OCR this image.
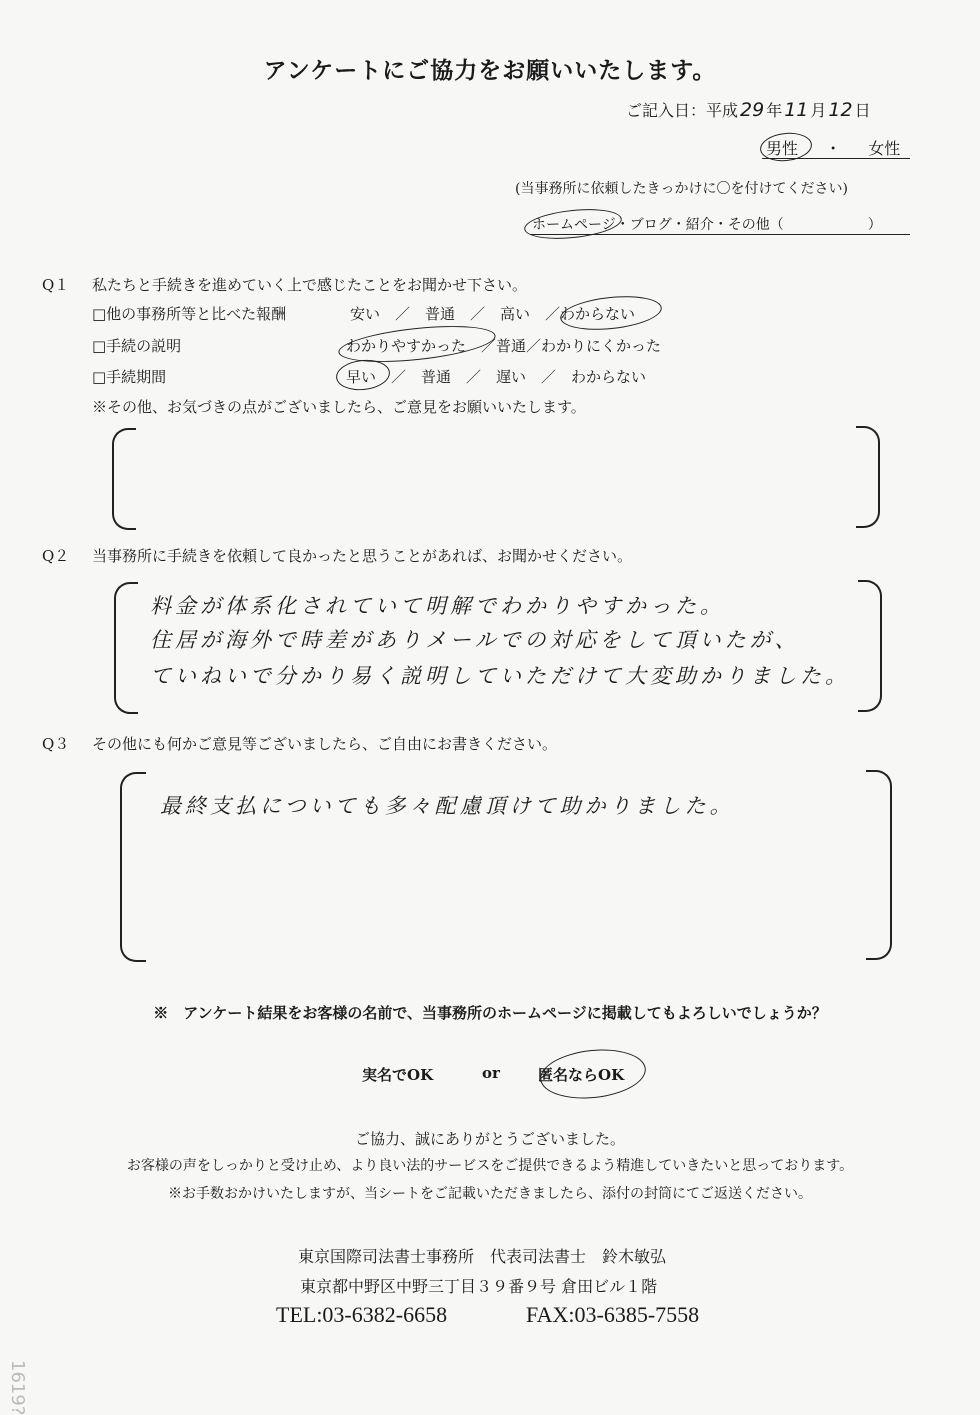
アンケートにご協力をお願いいたします。
ご記入日：平成 29 年 11 月 12 日
男性 ・ 女性
(当事務所に依頼したきっかけに〇を付けてください)
ホームページ・ブログ・紹介・その他（　　　　　　）
Q１ 私たちと手続きを進めていく上で感じたことをお聞かせ下さい。
□他の事務所等と比べた報酬	安い　／　普通　／　高い　／わからない
□手続の説明	わかりやすかった　／普通／わかりにくかった
□手続期間	早い　／　普通　／　遅い　／　わからない
※その他、お気づきの点がございましたら、ご意見をお願いいたします。
Q２ 当事務所に手続きを依頼して良かったと思うことがあれば、お聞かせください。
料金が体系化されていて明解でわかりやすかった。
住居が海外で時差がありメールでの対応をして頂いたが、
ていねいで分かり易く説明していただけて大変助かりました。
Q３ その他にも何かご意見等ございましたら、ご自由にお書きください。
最終支払についても多々配慮頂けて助かりました。
※　アンケート結果をお客様の名前で、当事務所のホームページに掲載してもよろしいでしょうか？
実名でOK	or	匿名ならOK
ご協力、誠にありがとうございました。
お客様の声をしっかりと受け止め、より良い法的サービスをご提供できるよう精進していきたいと思っております。
※お手数おかけいたしますが、当シートをご記載いただきましたら、添付の封筒にてご返送ください。
東京国際司法書士事務所　代表司法書士　鈴木敏弘
東京都中野区中野三丁目３９番９号 倉田ビル１階
TEL:03-6382-6658	FAX:03-6385-7558
1619?
